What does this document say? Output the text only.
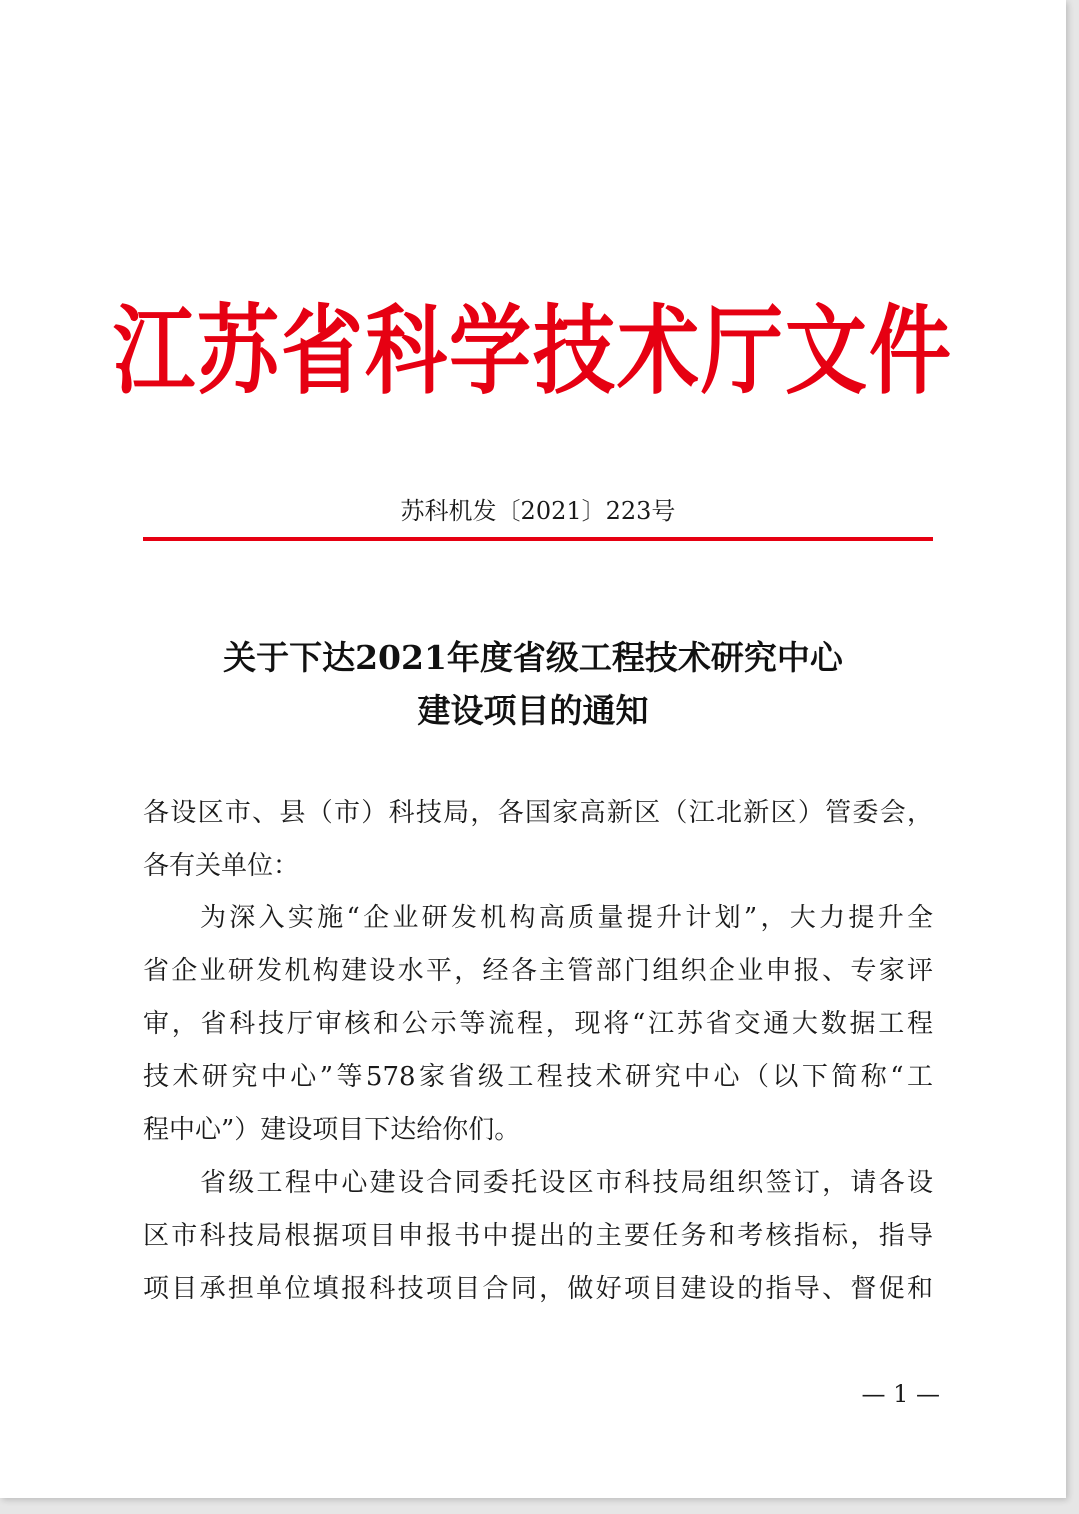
江苏省科学技术厅文件
苏科机发〔2021〕223号
关于下达2021年度省级工程技术研究中心
建设项目的通知
各设区市、县（市）科技局，各国家高新区（江北新区）管委会，
各有关单位：
为深入实施“企业研发机构高质量提升计划”，大力提升全
省企业研发机构建设水平，经各主管部门组织企业申报、专家评
审，省科技厅审核和公示等流程，现将“江苏省交通大数据工程
技术研究中心”等578家省级工程技术研究中心（以下简称“工
程中心”）建设项目下达给你们。
省级工程中心建设合同委托设区市科技局组织签订，请各设
区市科技局根据项目申报书中提出的主要任务和考核指标，指导
项目承担单位填报科技项目合同，做好项目建设的指导、督促和
— 1 —
